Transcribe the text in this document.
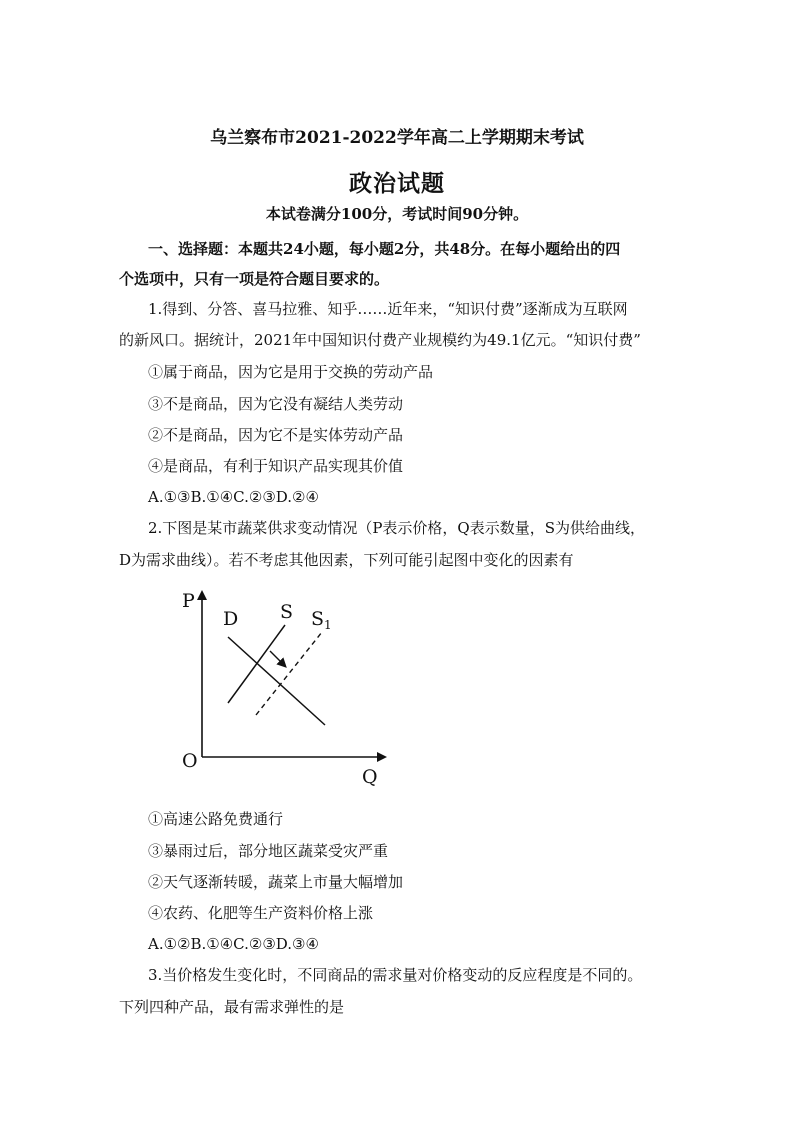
乌兰察布市2021-2022学年高二上学期期末考试
政治试题
本试卷满分100分，考试时间90分钟。
一、选择题：本题共24小题，每小题2分，共48分。在每小题给出的四
个选项中，只有一项是符合题目要求的。
1.得到、分答、喜马拉雅、知乎……近年来，“知识付费”逐渐成为互联网
的新风口。据统计，2021年中国知识付费产业规模约为49.1亿元。“知识付费”
①属于商品，因为它是用于交换的劳动产品
③不是商品，因为它没有凝结人类劳动
②不是商品，因为它不是实体劳动产品
④是商品，有利于知识产品实现其价值
A.①③B.①④C.②③D.②④
2.下图是某市蔬菜供求变动情况（P表示价格，Q表示数量，S为供给曲线，
D为需求曲线）。若不考虑其他因素，下列可能引起图中变化的因素有
P
O
Q
D S $S_1$
①高速公路免费通行
③暴雨过后，部分地区蔬菜受灾严重
②天气逐渐转暖，蔬菜上市量大幅增加
④农药、化肥等生产资料价格上涨
A.①②B.①④C.②③D.③④
3.当价格发生变化时，不同商品的需求量对价格变动的反应程度是不同的。
下列四种产品，最有需求弹性的是
